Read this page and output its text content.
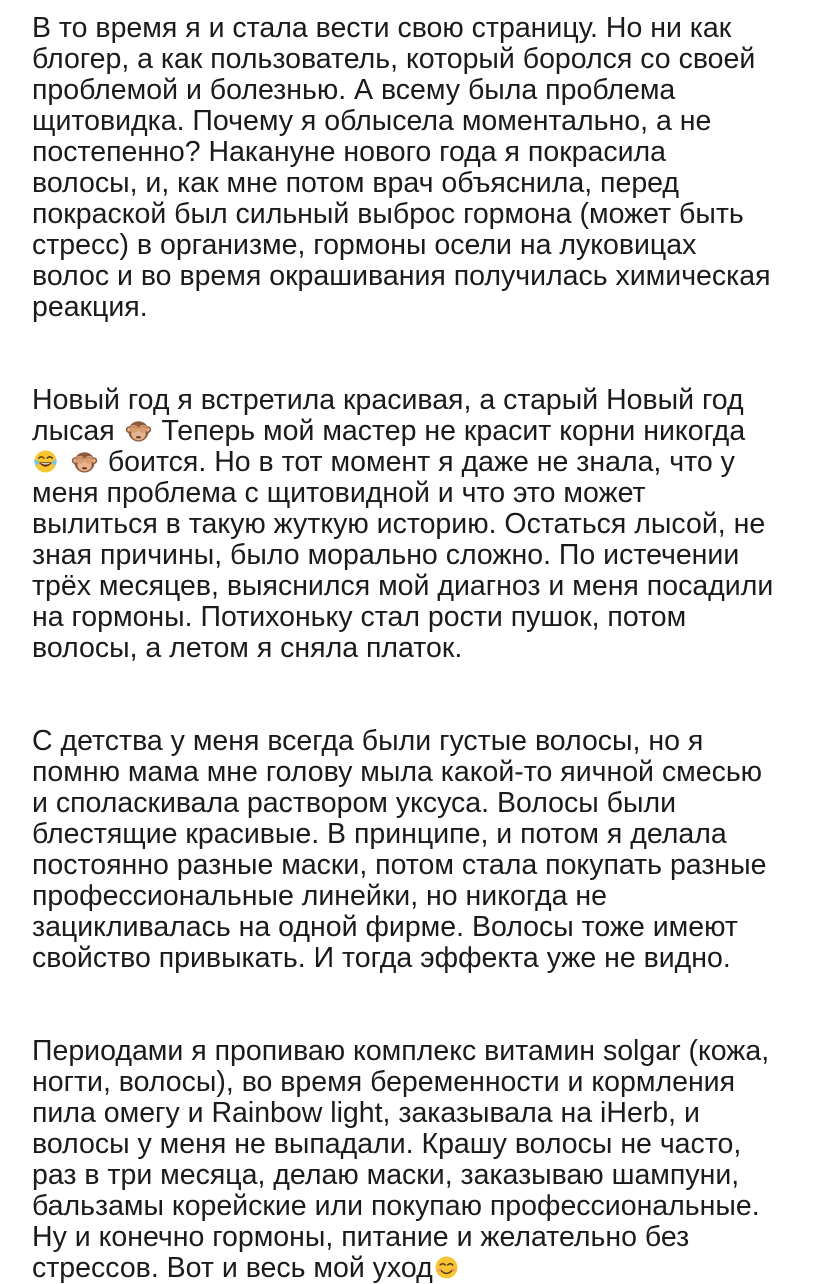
В то время я и стала вести свою страницу. Но ни как
блогер, а как пользователь, который боролся со своей
проблемой и болезнью. А всему была проблема
щитовидка. Почему я облысела моментально, а не
постепенно? Накануне нового года я покрасила
волосы, и, как мне потом врач объяснила, перед
покраской был сильный выброс гормона (может быть
стресс) в организме, гормоны осели на луковицах
волос и во время окрашивания получилась химическая
реакция.
Новый год я встретила красивая, а старый Новый год
лысая Теперь мой мастер не красит корни никогда

боится. Но в тот момент я даже не знала, что у
меня проблема с щитовидной и что это может
вылиться в такую жуткую историю. Остаться лысой, не
зная причины, было морально сложно. По истечении
трёх месяцев, выяснился мой диагноз и меня посадили
на гормоны. Потихоньку стал рости пушок, потом
волосы, а летом я сняла платок.
С детства у меня всегда были густые волосы, но я
помню мама мне голову мыла какой-то яичной смесью
и споласкивала раствором уксуса. Волосы были
блестящие красивые. В принципе, и потом я делала
постоянно разные маски, потом стала покупать разные
профессиональные линейки, но никогда не
зацикливалась на одной фирме. Волосы тоже имеют
свойство привыкать. И тогда эффекта уже не видно.
Периодами я пропиваю комплекс витамин solgar (кожа,
ногти, волосы), во время беременности и кормления
пила омегу и Rainbow light, заказывала на iHerb, и
волосы у меня не выпадали. Крашу волосы не часто,
раз в три месяца, делаю маски, заказываю шампуни,
бальзамы корейские или покупаю профессиональные.
Ну и конечно гормоны, питание и желательно без
стрессов. Вот и весь мой уход
